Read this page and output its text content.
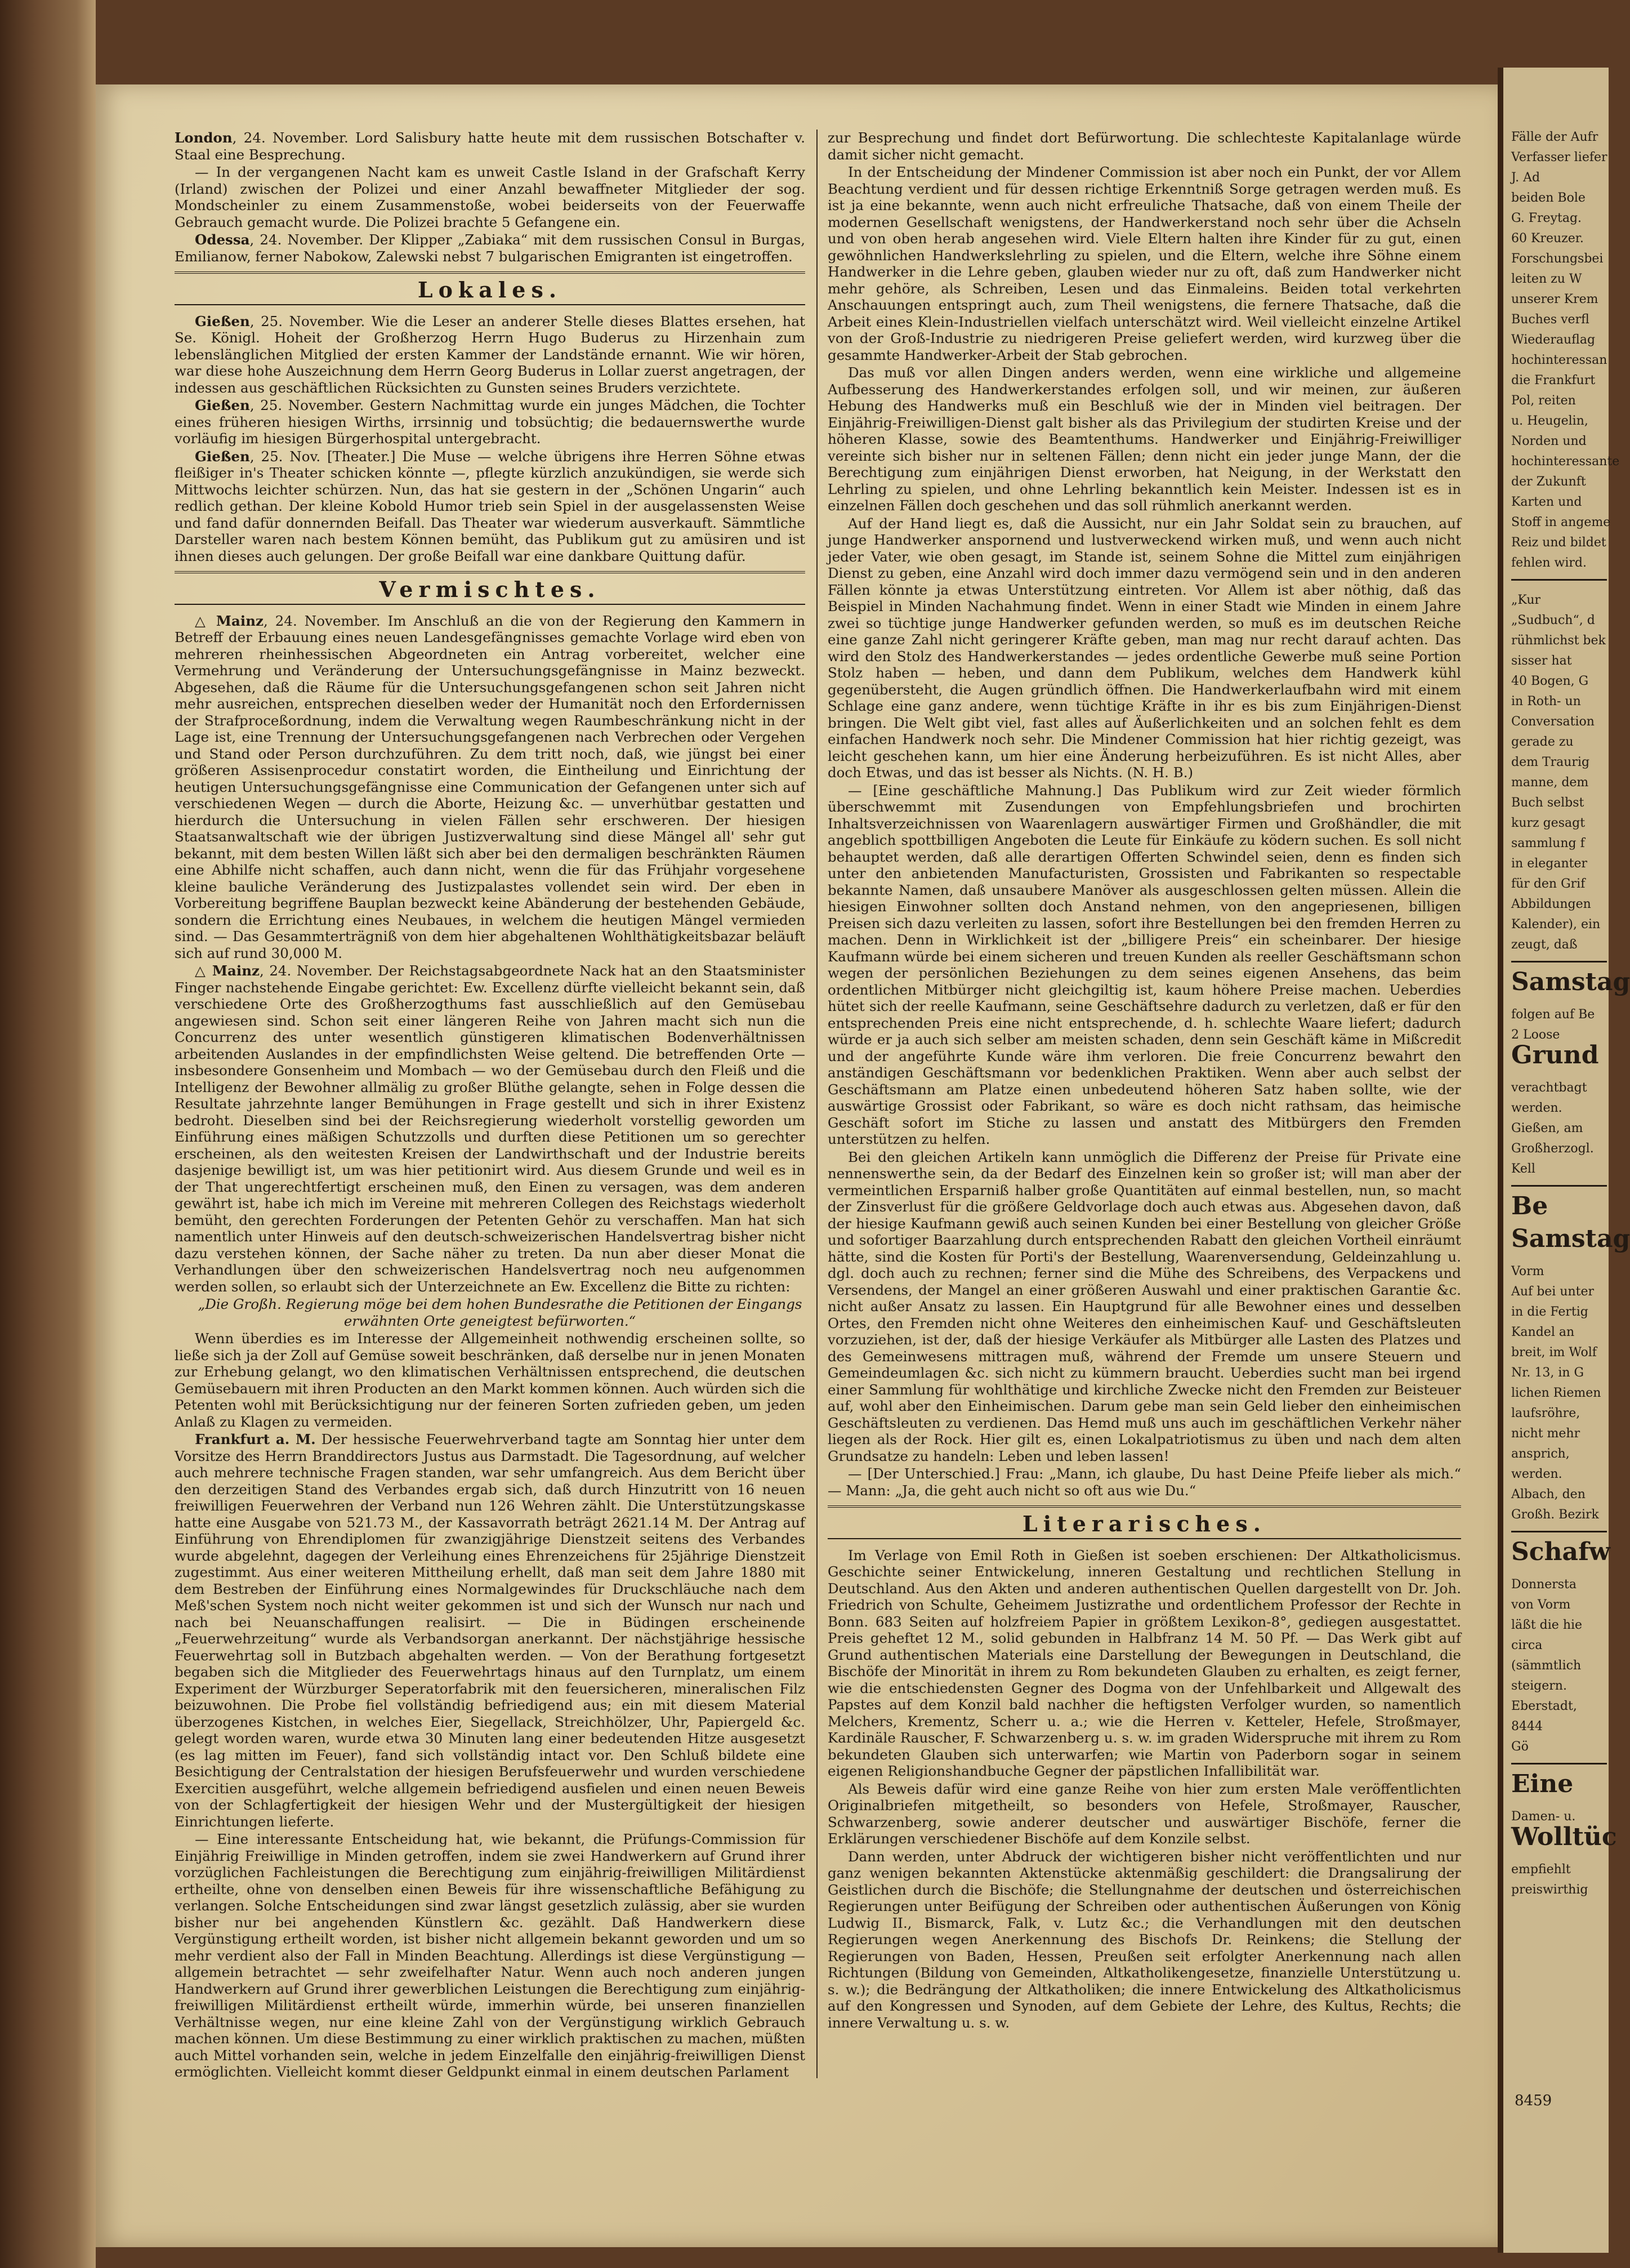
London, 24. November. Lord Salisbury hatte heute mit dem russischen Botschafter v. Staal eine Besprechung.

— In der vergangenen Nacht kam es unweit Castle Island in der Grafschaft Kerry (Irland) zwischen der Polizei und einer Anzahl bewaffneter Mitglieder der sog. Mondscheinler zu einem Zusammenstoße, wobei beiderseits von der Feuerwaffe Gebrauch gemacht wurde. Die Polizei brachte 5 Gefangene ein.

Odessa, 24. November. Der Klipper „Zabiaka“ mit dem russischen Consul in Burgas, Emilianow, ferner Nabokow, Zalewski nebst 7 bulgarischen Emigranten ist eingetroffen.

Lokales.

Gießen, 25. November. Wie die Leser an anderer Stelle dieses Blattes ersehen, hat Se. Königl. Hoheit der Großherzog Herrn Hugo Buderus zu Hirzenhain zum lebenslänglichen Mitglied der ersten Kammer der Landstände ernannt. Wie wir hören, war diese hohe Auszeichnung dem Herrn Georg Buderus in Lollar zuerst angetragen, der indessen aus geschäftlichen Rücksichten zu Gunsten seines Bruders verzichtete.

Gießen, 25. November. Gestern Nachmittag wurde ein junges Mädchen, die Tochter eines früheren hiesigen Wirths, irrsinnig und tobsüchtig; die bedauernswerthe wurde vorläufig im hiesigen Bürgerhospital untergebracht.

Gießen, 25. Nov. [Theater.] Die Muse — welche übrigens ihre Herren Söhne etwas fleißiger in's Theater schicken könnte —, pflegte kürzlich anzukündigen, sie werde sich Mittwochs leichter schürzen. Nun, das hat sie gestern in der „Schönen Ungarin“ auch redlich gethan. Der kleine Kobold Humor trieb sein Spiel in der ausgelassensten Weise und fand dafür donnernden Beifall. Das Theater war wiederum ausverkauft. Sämmtliche Darsteller waren nach bestem Können bemüht, das Publikum gut zu amüsiren und ist ihnen dieses auch gelungen. Der große Beifall war eine dankbare Quittung dafür.

Vermischtes.

△ Mainz, 24. November. Im Anschluß an die von der Regierung den Kammern in Betreff der Erbauung eines neuen Landesgefängnisses gemachte Vorlage wird eben von mehreren rheinhessischen Abgeordneten ein Antrag vorbereitet, welcher eine Vermehrung und Veränderung der Untersuchungsgefängnisse in Mainz bezweckt. Abgesehen, daß die Räume für die Untersuchungsgefangenen schon seit Jahren nicht mehr ausreichen, entsprechen dieselben weder der Humanität noch den Erfordernissen der Strafproceßordnung, indem die Verwaltung wegen Raumbeschränkung nicht in der Lage ist, eine Trennung der Untersuchungsgefangenen nach Verbrechen oder Vergehen und Stand oder Person durchzuführen. Zu dem tritt noch, daß, wie jüngst bei einer größeren Assisenprocedur constatirt worden, die Eintheilung und Einrichtung der heutigen Untersuchungsgefängnisse eine Communication der Gefangenen unter sich auf verschiedenen Wegen — durch die Aborte, Heizung &c. — unverhütbar gestatten und hierdurch die Untersuchung in vielen Fällen sehr erschweren. Der hiesigen Staatsanwaltschaft wie der übrigen Justizverwaltung sind diese Mängel all' sehr gut bekannt, mit dem besten Willen läßt sich aber bei den dermaligen beschränkten Räumen eine Abhilfe nicht schaffen, auch dann nicht, wenn die für das Frühjahr vorgesehene kleine bauliche Veränderung des Justizpalastes vollendet sein wird. Der eben in Vorbereitung begriffene Bauplan bezweckt keine Abänderung der bestehenden Gebäude, sondern die Errichtung eines Neubaues, in welchem die heutigen Mängel vermieden sind. — Das Gesammterträgniß von dem hier abgehaltenen Wohlthätigkeitsbazar beläuft sich auf rund 30,000 M.

△ Mainz, 24. November. Der Reichstagsabgeordnete Nack hat an den Staatsminister Finger nachstehende Eingabe gerichtet: Ew. Excellenz dürfte vielleicht bekannt sein, daß verschiedene Orte des Großherzogthums fast ausschließlich auf den Gemüsebau angewiesen sind. Schon seit einer längeren Reihe von Jahren macht sich nun die Concurrenz des unter wesentlich günstigeren klimatischen Bodenverhältnissen arbeitenden Auslandes in der empfindlichsten Weise geltend. Die betreffenden Orte — insbesondere Gonsenheim und Mombach — wo der Gemüsebau durch den Fleiß und die Intelligenz der Bewohner allmälig zu großer Blüthe gelangte, sehen in Folge dessen die Resultate jahrzehnte langer Bemühungen in Frage gestellt und sich in ihrer Existenz bedroht. Dieselben sind bei der Reichsregierung wiederholt vorstellig geworden um Einführung eines mäßigen Schutzzolls und durften diese Petitionen um so gerechter erscheinen, als den weitesten Kreisen der Landwirthschaft und der Industrie bereits dasjenige bewilligt ist, um was hier petitionirt wird. Aus diesem Grunde und weil es in der That ungerechtfertigt erscheinen muß, den Einen zu versagen, was dem anderen gewährt ist, habe ich mich im Vereine mit mehreren Collegen des Reichstags wiederholt bemüht, den gerechten Forderungen der Petenten Gehör zu verschaffen. Man hat sich namentlich unter Hinweis auf den deutsch-schweizerischen Handelsvertrag bisher nicht dazu verstehen können, der Sache näher zu treten. Da nun aber dieser Monat die Verhandlungen über den schweizerischen Handelsvertrag noch neu aufgenommen werden sollen, so erlaubt sich der Unterzeichnete an Ew. Excellenz die Bitte zu richten:

„Die Großh. Regierung möge bei dem hohen Bundesrathe die Petitionen der Eingangs erwähnten Orte geneigtest befürworten.“

Wenn überdies es im Interesse der Allgemeinheit nothwendig erscheinen sollte, so ließe sich ja der Zoll auf Gemüse soweit beschränken, daß derselbe nur in jenen Monaten zur Erhebung gelangt, wo den klimatischen Verhältnissen entsprechend, die deutschen Gemüsebauern mit ihren Producten an den Markt kommen können. Auch würden sich die Petenten wohl mit Berücksichtigung nur der feineren Sorten zufrieden geben, um jeden Anlaß zu Klagen zu vermeiden.

Frankfurt a. M. Der hessische Feuerwehrverband tagte am Sonntag hier unter dem Vorsitze des Herrn Branddirectors Justus aus Darmstadt. Die Tagesordnung, auf welcher auch mehrere technische Fragen standen, war sehr umfangreich. Aus dem Bericht über den derzeitigen Stand des Verbandes ergab sich, daß durch Hinzutritt von 16 neuen freiwilligen Feuerwehren der Verband nun 126 Wehren zählt. Die Unterstützungskasse hatte eine Ausgabe von 521.73 M., der Kassavorrath beträgt 2621.14 M. Der Antrag auf Einführung von Ehrendiplomen für zwanzigjährige Dienstzeit seitens des Verbandes wurde abgelehnt, dagegen der Verleihung eines Ehrenzeichens für 25jährige Dienstzeit zugestimmt. Aus einer weiteren Mittheilung erhellt, daß man seit dem Jahre 1880 mit dem Bestreben der Einführung eines Normalgewindes für Druckschläuche nach dem Meß'schen System noch nicht weiter gekommen ist und sich der Wunsch nur nach und nach bei Neuanschaffungen realisirt. — Die in Büdingen erscheinende „Feuerwehrzeitung“ wurde als Verbandsorgan anerkannt. Der nächstjährige hessische Feuerwehrtag soll in Butzbach abgehalten werden. — Von der Berathung fortgesetzt begaben sich die Mitglieder des Feuerwehrtags hinaus auf den Turnplatz, um einem Experiment der Würzburger Seperatorfabrik mit den feuersicheren, mineralischen Filz beizuwohnen. Die Probe fiel vollständig befriedigend aus; ein mit diesem Material überzogenes Kistchen, in welches Eier, Siegellack, Streichhölzer, Uhr, Papiergeld &c. gelegt worden waren, wurde etwa 30 Minuten lang einer bedeutenden Hitze ausgesetzt (es lag mitten im Feuer), fand sich vollständig intact vor. Den Schluß bildete eine Besichtigung der Centralstation der hiesigen Berufsfeuerwehr und wurden verschiedene Exercitien ausgeführt, welche allgemein befriedigend ausfielen und einen neuen Beweis von der Schlagfertigkeit der hiesigen Wehr und der Mustergültigkeit der hiesigen Einrichtungen lieferte.

— Eine interessante Entscheidung hat, wie bekannt, die Prüfungs-Commission für Einjährig Freiwillige in Minden getroffen, indem sie zwei Handwerkern auf Grund ihrer vorzüglichen Fachleistungen die Berechtigung zum einjährig-freiwilligen Militärdienst ertheilte, ohne von denselben einen Beweis für ihre wissenschaftliche Befähigung zu verlangen. Solche Entscheidungen sind zwar längst gesetzlich zulässig, aber sie wurden bisher nur bei angehenden Künstlern &c. gezählt. Daß Handwerkern diese Vergünstigung ertheilt worden, ist bisher nicht allgemein bekannt geworden und um so mehr verdient also der Fall in Minden Beachtung. Allerdings ist diese Vergünstigung — allgemein betrachtet — sehr zweifelhafter Natur. Wenn auch noch anderen jungen Handwerkern auf Grund ihrer gewerblichen Leistungen die Berechtigung zum einjährig-freiwilligen Militärdienst ertheilt würde, immerhin würde, bei unseren finanziellen Verhältnisse wegen, nur eine kleine Zahl von der Vergünstigung wirklich Gebrauch machen können. Um diese Bestimmung zu einer wirklich praktischen zu machen, müßten auch Mittel vorhanden sein, welche in jedem Einzelfalle den einjährig-freiwilligen Dienst ermöglichten. Vielleicht kommt dieser Geldpunkt einmal in einem deutschen Parlament

zur Besprechung und findet dort Befürwortung. Die schlechteste Kapitalanlage würde damit sicher nicht gemacht.

In der Entscheidung der Mindener Commission ist aber noch ein Punkt, der vor Allem Beachtung verdient und für dessen richtige Erkenntniß Sorge getragen werden muß. Es ist ja eine bekannte, wenn auch nicht erfreuliche Thatsache, daß von einem Theile der modernen Gesellschaft wenigstens, der Handwerkerstand noch sehr über die Achseln und von oben herab angesehen wird. Viele Eltern halten ihre Kinder für zu gut, einen gewöhnlichen Handwerkslehrling zu spielen, und die Eltern, welche ihre Söhne einem Handwerker in die Lehre geben, glauben wieder nur zu oft, daß zum Handwerker nicht mehr gehöre, als Schreiben, Lesen und das Einmaleins. Beiden total verkehrten Anschauungen entspringt auch, zum Theil wenigstens, die fernere Thatsache, daß die Arbeit eines Klein-Industriellen vielfach unterschätzt wird. Weil vielleicht einzelne Artikel von der Groß-Industrie zu niedrigeren Preise geliefert werden, wird kurzweg über die gesammte Handwerker-Arbeit der Stab gebrochen.

Das muß vor allen Dingen anders werden, wenn eine wirkliche und allgemeine Aufbesserung des Handwerkerstandes erfolgen soll, und wir meinen, zur äußeren Hebung des Handwerks muß ein Beschluß wie der in Minden viel beitragen. Der Einjährig-Freiwilligen-Dienst galt bisher als das Privilegium der studirten Kreise und der höheren Klasse, sowie des Beamtenthums. Handwerker und Einjährig-Freiwilliger vereinte sich bisher nur in seltenen Fällen; denn nicht ein jeder junge Mann, der die Berechtigung zum einjährigen Dienst erworben, hat Neigung, in der Werkstatt den Lehrling zu spielen, und ohne Lehrling bekanntlich kein Meister. Indessen ist es in einzelnen Fällen doch geschehen und das soll rühmlich anerkannt werden.

Auf der Hand liegt es, daß die Aussicht, nur ein Jahr Soldat sein zu brauchen, auf junge Handwerker anspornend und lustverweckend wirken muß, und wenn auch nicht jeder Vater, wie oben gesagt, im Stande ist, seinem Sohne die Mittel zum einjährigen Dienst zu geben, eine Anzahl wird doch immer dazu vermögend sein und in den anderen Fällen könnte ja etwas Unterstützung eintreten. Vor Allem ist aber nöthig, daß das Beispiel in Minden Nachahmung findet. Wenn in einer Stadt wie Minden in einem Jahre zwei so tüchtige junge Handwerker gefunden werden, so muß es im deutschen Reiche eine ganze Zahl nicht geringerer Kräfte geben, man mag nur recht darauf achten. Das wird den Stolz des Handwerkerstandes — jedes ordentliche Gewerbe muß seine Portion Stolz haben — heben, und dann dem Publikum, welches dem Handwerk kühl gegenübersteht, die Augen gründlich öffnen. Die Handwerkerlaufbahn wird mit einem Schlage eine ganz andere, wenn tüchtige Kräfte in ihr es bis zum Einjährigen-Dienst bringen. Die Welt gibt viel, fast alles auf Äußerlichkeiten und an solchen fehlt es dem einfachen Handwerk noch sehr. Die Mindener Commission hat hier richtig gezeigt, was leicht geschehen kann, um hier eine Änderung herbeizuführen. Es ist nicht Alles, aber doch Etwas, und das ist besser als Nichts. (N. H. B.)

— [Eine geschäftliche Mahnung.] Das Publikum wird zur Zeit wieder förmlich überschwemmt mit Zusendungen von Empfehlungsbriefen und brochirten Inhaltsverzeichnissen von Waarenlagern auswärtiger Firmen und Großhändler, die mit angeblich spottbilligen Angeboten die Leute für Einkäufe zu ködern suchen. Es soll nicht behauptet werden, daß alle derartigen Offerten Schwindel seien, denn es finden sich unter den anbietenden Manufacturisten, Grossisten und Fabrikanten so respectable bekannte Namen, daß unsaubere Manöver als ausgeschlossen gelten müssen. Allein die hiesigen Einwohner sollten doch Anstand nehmen, von den angepriesenen, billigen Preisen sich dazu verleiten zu lassen, sofort ihre Bestellungen bei den fremden Herren zu machen. Denn in Wirklichkeit ist der „billigere Preis“ ein scheinbarer. Der hiesige Kaufmann würde bei einem sicheren und treuen Kunden als reeller Geschäftsmann schon wegen der persönlichen Beziehungen zu dem seines eigenen Ansehens, das beim ordentlichen Mitbürger nicht gleichgiltig ist, kaum höhere Preise machen. Ueberdies hütet sich der reelle Kaufmann, seine Geschäftsehre dadurch zu verletzen, daß er für den entsprechenden Preis eine nicht entsprechende, d. h. schlechte Waare liefert; dadurch würde er ja auch sich selber am meisten schaden, denn sein Geschäft käme in Mißcredit und der angeführte Kunde wäre ihm verloren. Die freie Concurrenz bewahrt den anständigen Geschäftsmann vor bedenklichen Praktiken. Wenn aber auch selbst der Geschäftsmann am Platze einen unbedeutend höheren Satz haben sollte, wie der auswärtige Grossist oder Fabrikant, so wäre es doch nicht rathsam, das heimische Geschäft sofort im Stiche zu lassen und anstatt des Mitbürgers den Fremden unterstützen zu helfen.

Bei den gleichen Artikeln kann unmöglich die Differenz der Preise für Private eine nennenswerthe sein, da der Bedarf des Einzelnen kein so großer ist; will man aber der vermeintlichen Ersparniß halber große Quantitäten auf einmal bestellen, nun, so macht der Zinsverlust für die größere Geldvorlage doch auch etwas aus. Abgesehen davon, daß der hiesige Kaufmann gewiß auch seinen Kunden bei einer Bestellung von gleicher Größe und sofortiger Baarzahlung durch entsprechenden Rabatt den gleichen Vortheil einräumt hätte, sind die Kosten für Porti's der Bestellung, Waarenversendung, Geldeinzahlung u. dgl. doch auch zu rechnen; ferner sind die Mühe des Schreibens, des Verpackens und Versendens, der Mangel an einer größeren Auswahl und einer praktischen Garantie &c. nicht außer Ansatz zu lassen. Ein Hauptgrund für alle Bewohner eines und desselben Ortes, den Fremden nicht ohne Weiteres den einheimischen Kauf- und Geschäftsleuten vorzuziehen, ist der, daß der hiesige Verkäufer als Mitbürger alle Lasten des Platzes und des Gemeinwesens mittragen muß, während der Fremde um unsere Steuern und Gemeindeumlagen &c. sich nicht zu kümmern braucht. Ueberdies sucht man bei irgend einer Sammlung für wohlthätige und kirchliche Zwecke nicht den Fremden zur Beisteuer auf, wohl aber den Einheimischen. Darum gebe man sein Geld lieber den einheimischen Geschäftsleuten zu verdienen. Das Hemd muß uns auch im geschäftlichen Verkehr näher liegen als der Rock. Hier gilt es, einen Lokalpatriotismus zu üben und nach dem alten Grundsatze zu handeln: Leben und leben lassen!

— [Der Unterschied.] Frau: „Mann, ich glaube, Du hast Deine Pfeife lieber als mich.“ — Mann: „Ja, die geht auch nicht so oft aus wie Du.“

Literarisches.

Im Verlage von Emil Roth in Gießen ist soeben erschienen: Der Altkatholicismus. Geschichte seiner Entwickelung, inneren Gestaltung und rechtlichen Stellung in Deutschland. Aus den Akten und anderen authentischen Quellen dargestellt von Dr. Joh. Friedrich von Schulte, Geheimem Justizrathe und ordentlichem Professor der Rechte in Bonn. 683 Seiten auf holzfreiem Papier in größtem Lexikon-8°, gediegen ausgestattet. Preis geheftet 12 M., solid gebunden in Halbfranz 14 M. 50 Pf. — Das Werk gibt auf Grund authentischen Materials eine Darstellung der Bewegungen in Deutschland, die Bischöfe der Minorität in ihrem zu Rom bekundeten Glauben zu erhalten, es zeigt ferner, wie die entschiedensten Gegner des Dogma von der Unfehlbarkeit und Allgewalt des Papstes auf dem Konzil bald nachher die heftigsten Verfolger wurden, so namentlich Melchers, Krementz, Scherr u. a.; wie die Herren v. Ketteler, Hefele, Stroßmayer, Kardinäle Rauscher, F. Schwarzenberg u. s. w. im graden Widerspruche mit ihrem zu Rom bekundeten Glauben sich unterwarfen; wie Martin von Paderborn sogar in seinem eigenen Religionshandbuche Gegner der päpstlichen Infallibilität war.

Als Beweis dafür wird eine ganze Reihe von hier zum ersten Male veröffentlichten Originalbriefen mitgetheilt, so besonders von Hefele, Stroßmayer, Rauscher, Schwarzenberg, sowie anderer deutscher und auswärtiger Bischöfe, ferner die Erklärungen verschiedener Bischöfe auf dem Konzile selbst.

Dann werden, unter Abdruck der wichtigeren bisher nicht veröffentlichten und nur ganz wenigen bekannten Aktenstücke aktenmäßig geschildert: die Drangsalirung der Geistlichen durch die Bischöfe; die Stellungnahme der deutschen und österreichischen Regierungen unter Beifügung der Schreiben oder authentischen Äußerungen von König Ludwig II., Bismarck, Falk, v. Lutz &c.; die Verhandlungen mit den deutschen Regierungen wegen Anerkennung des Bischofs Dr. Reinkens; die Stellung der Regierungen von Baden, Hessen, Preußen seit erfolgter Anerkennung nach allen Richtungen (Bildung von Gemeinden, Altkatholikengesetze, finanzielle Unterstützung u. s. w.); die Bedrängung der Altkatholiken; die innere Entwickelung des Altkatholicismus auf den Kongressen und Synoden, auf dem Gebiete der Lehre, des Kultus, Rechts; die innere Verwaltung u. s. w.

Fälle der Aufr
Verfasser liefer
J. Ad
beiden Bole
G. Freytag.
60 Kreuzer.
Forschungsbei
leiten zu W
unserer Krem
Buches verfl
Wiederauflag
hochinteressan
die Frankfurt
Pol, reiten
u. Heugelin,
Norden und
hochinteressante
der Zukunft
Karten und
Stoff in angeme
Reiz und bildet
fehlen wird.
„Kur
„Sudbuch“, d
rühmlichst bek
sisser hat
40 Bogen, G
in Roth- un
Conversation
gerade zu
dem Traurig
manne, dem
Buch selbst
kurz gesagt
sammlung f
in eleganter
für den Grif
Abbildungen
Kalender), ein
zeugt, daß
Samstag
folgen auf Be
2 Loose
Grund
verachtbagt
werden.
Gießen, am
Großherzogl.
Kell
Be
Samstag
Vorm
Auf bei unter
in die Fertig
Kandel an
breit, im Wolf
Nr. 13, in G
lichen Riemen
laufsröhre,
nicht mehr
ansprich,
werden.
Albach, den
Großh. Bezirk
Schafw
Donnersta
von Vorm
läßt die hie
circa
(sämmtlich
steigern.
Eberstadt,
8444
Gö
Eine
Damen- u.
Wolltüc
empfiehlt
preiswirthig
8459
